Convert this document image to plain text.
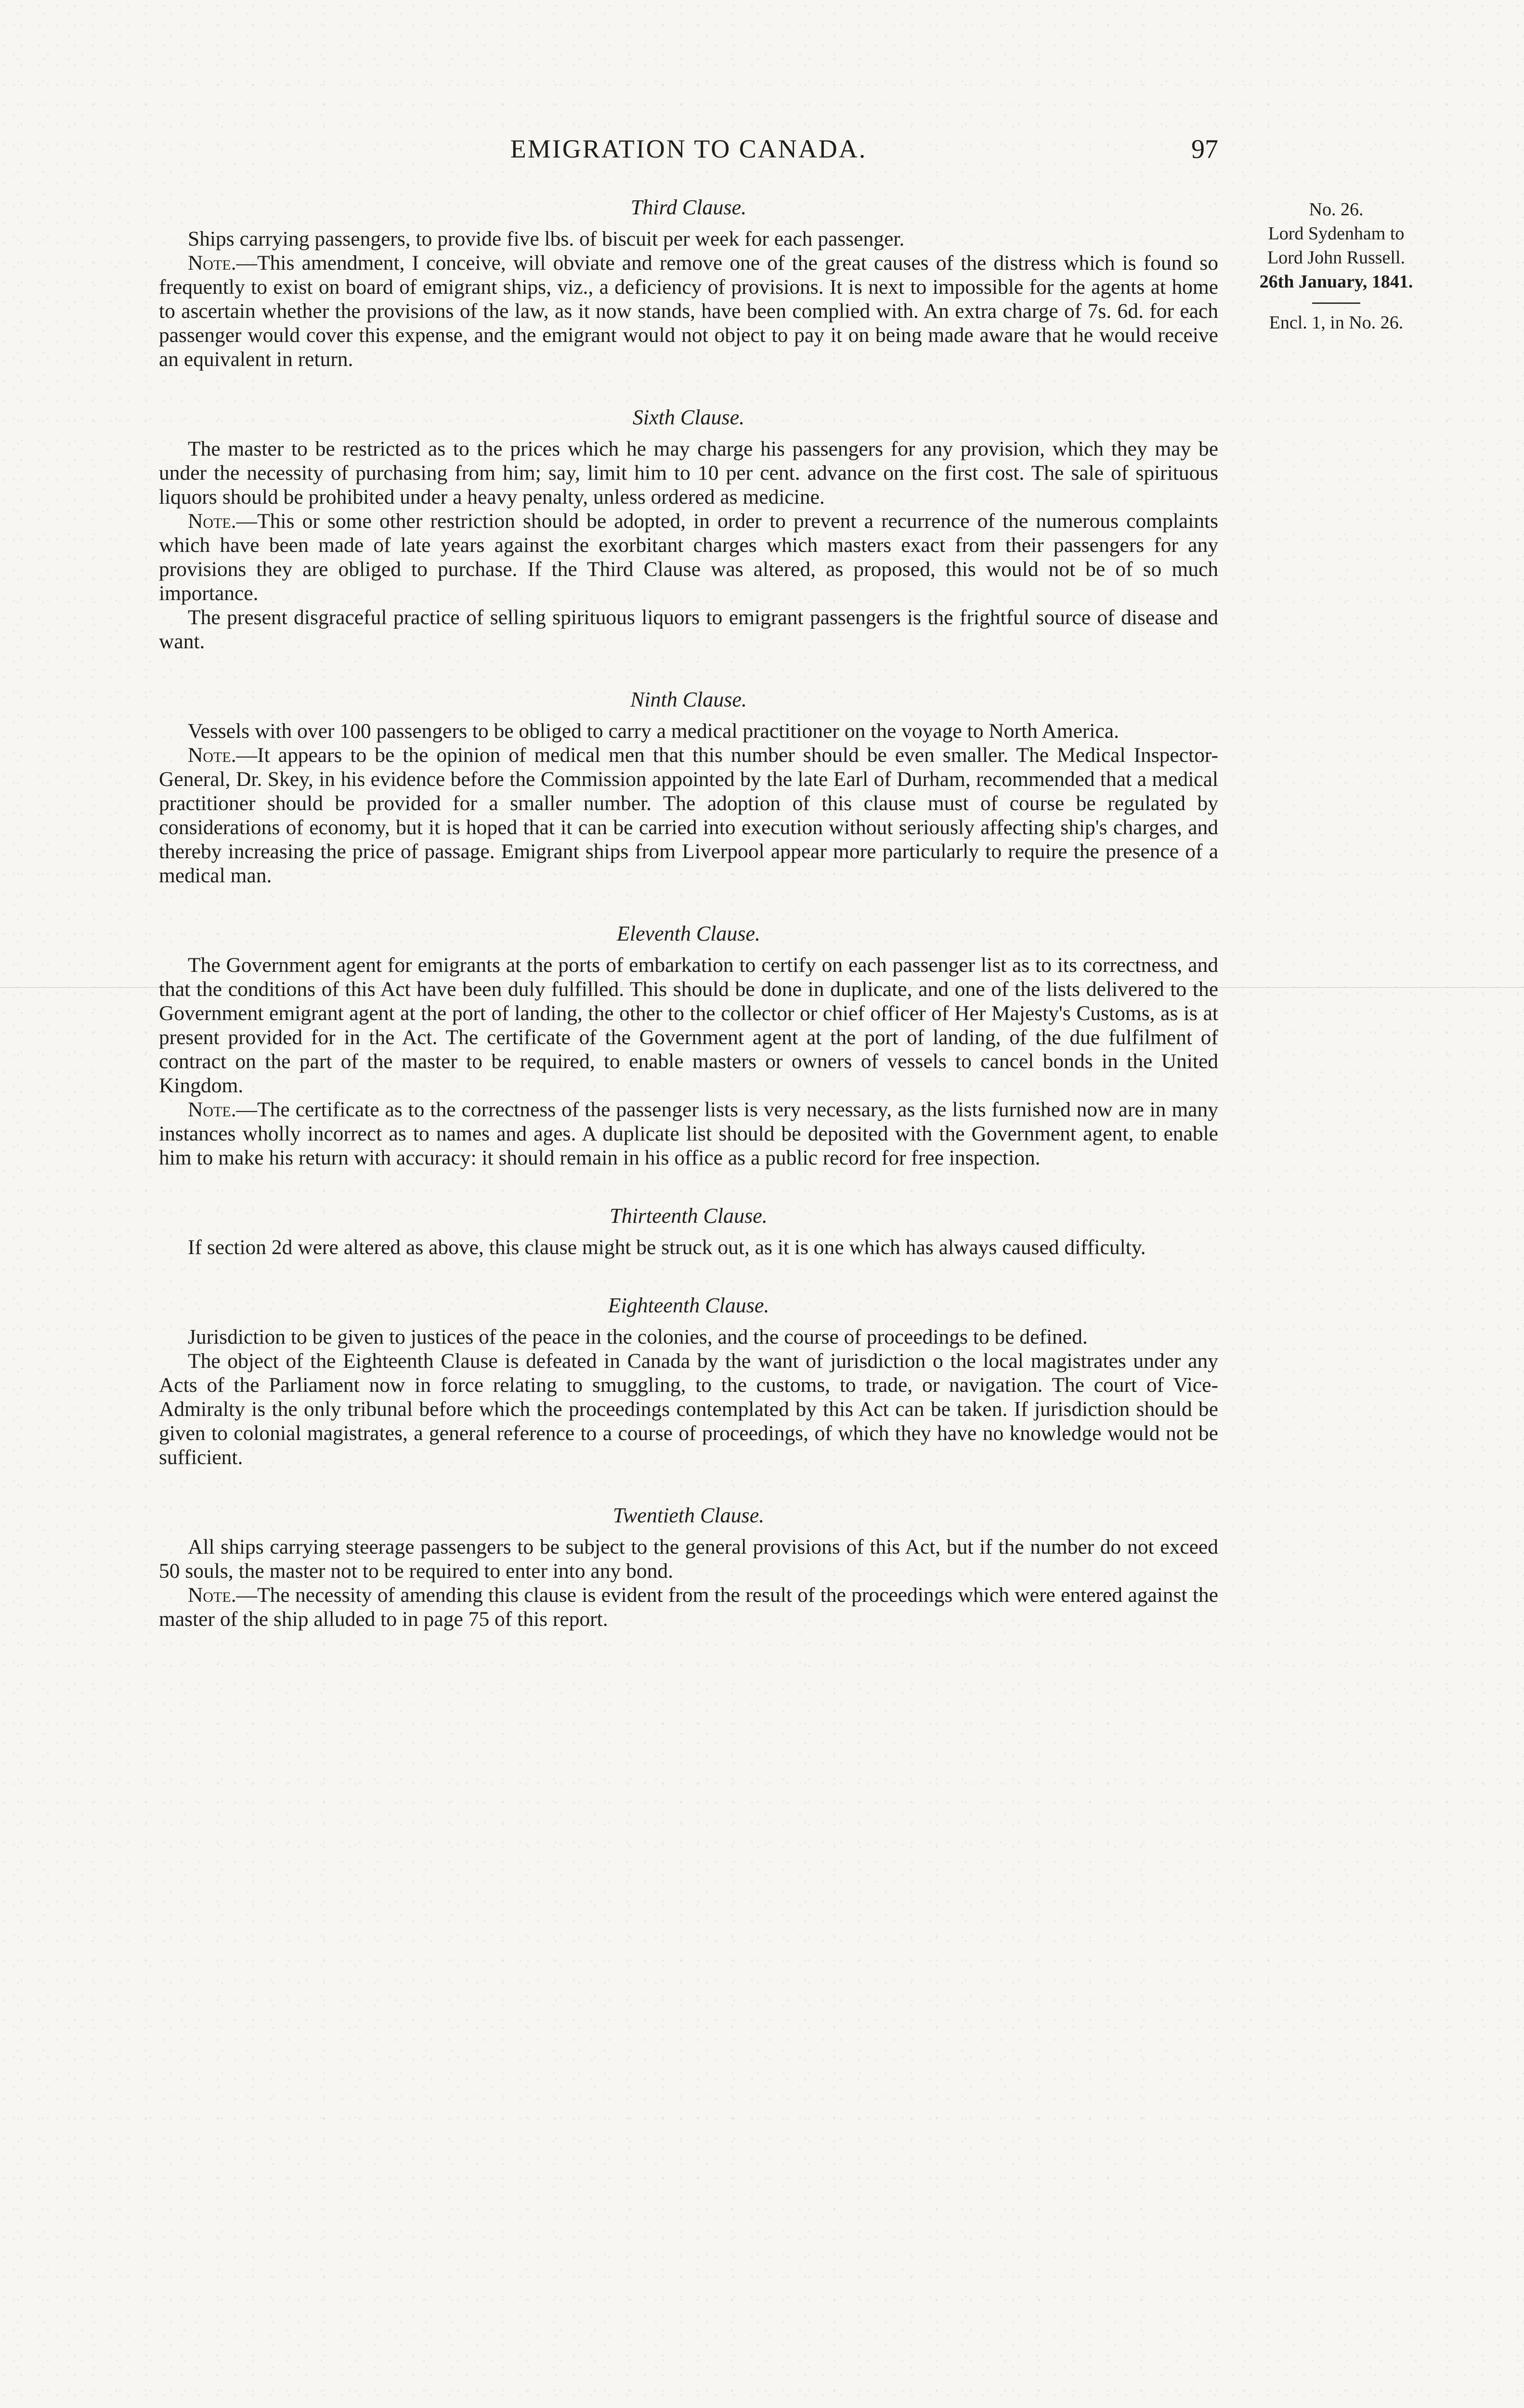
EMIGRATION TO CANADA.	97
No. 26.
Lord Sydenham to
Lord John Russell.
26th January, 1841.
Encl. 1, in No. 26.
Third Clause.

Ships carrying passengers, to provide five lbs. of biscuit per week for each passenger.

Note.—This amendment, I conceive, will obviate and remove one of the great causes of the distress which is found so frequently to exist on board of emigrant ships, viz., a deficiency of provisions. It is next to impossible for the agents at home to ascertain whether the provisions of the law, as it now stands, have been complied with. An extra charge of 7s. 6d. for each passenger would cover this expense, and the emigrant would not object to pay it on being made aware that he would receive an equivalent in return.

Sixth Clause.

The master to be restricted as to the prices which he may charge his passengers for any provision, which they may be under the necessity of purchasing from him; say, limit him to 10 per cent. advance on the first cost. The sale of spirituous liquors should be prohibited under a heavy penalty, unless ordered as medicine.

Note.—This or some other restriction should be adopted, in order to prevent a recurrence of the numerous complaints which have been made of late years against the exorbitant charges which masters exact from their passengers for any provisions they are obliged to purchase. If the Third Clause was altered, as proposed, this would not be of so much importance.

The present disgraceful practice of selling spirituous liquors to emigrant passengers is the frightful source of disease and want.

Ninth Clause.

Vessels with over 100 passengers to be obliged to carry a medical practitioner on the voyage to North America.

Note.—It appears to be the opinion of medical men that this number should be even smaller. The Medical Inspector-General, Dr. Skey, in his evidence before the Commission appointed by the late Earl of Durham, recommended that a medical practitioner should be provided for a smaller number. The adoption of this clause must of course be regulated by considerations of economy, but it is hoped that it can be carried into execution without seriously affecting ship's charges, and thereby increasing the price of passage. Emigrant ships from Liverpool appear more particularly to require the presence of a medical man.

Eleventh Clause.

The Government agent for emigrants at the ports of embarkation to certify on each passenger list as to its correctness, and that the conditions of this Act have been duly fulfilled. This should be done in duplicate, and one of the lists delivered to the Government emigrant agent at the port of landing, the other to the collector or chief officer of Her Majesty's Customs, as is at present provided for in the Act. The certificate of the Government agent at the port of landing, of the due fulfilment of contract on the part of the master to be required, to enable masters or owners of vessels to cancel bonds in the United Kingdom.

Note.—The certificate as to the correctness of the passenger lists is very necessary, as the lists furnished now are in many instances wholly incorrect as to names and ages. A duplicate list should be deposited with the Government agent, to enable him to make his return with accuracy: it should remain in his office as a public record for free inspection.

Thirteenth Clause.

If section 2d were altered as above, this clause might be struck out, as it is one which has always caused difficulty.

Eighteenth Clause.

Jurisdiction to be given to justices of the peace in the colonies, and the course of proceedings to be defined.

The object of the Eighteenth Clause is defeated in Canada by the want of jurisdiction o the local magistrates under any Acts of the Parliament now in force relating to smuggling, to the customs, to trade, or navigation. The court of Vice-Admiralty is the only tribunal before which the proceedings contemplated by this Act can be taken. If jurisdiction should be given to colonial magistrates, a general reference to a course of proceedings, of which they have no knowledge would not be sufficient.

Twentieth Clause.

All ships carrying steerage passengers to be subject to the general provisions of this Act, but if the number do not exceed 50 souls, the master not to be required to enter into any bond.

Note.—The necessity of amending this clause is evident from the result of the proceedings which were entered against the master of the ship alluded to in page 75 of this report.
